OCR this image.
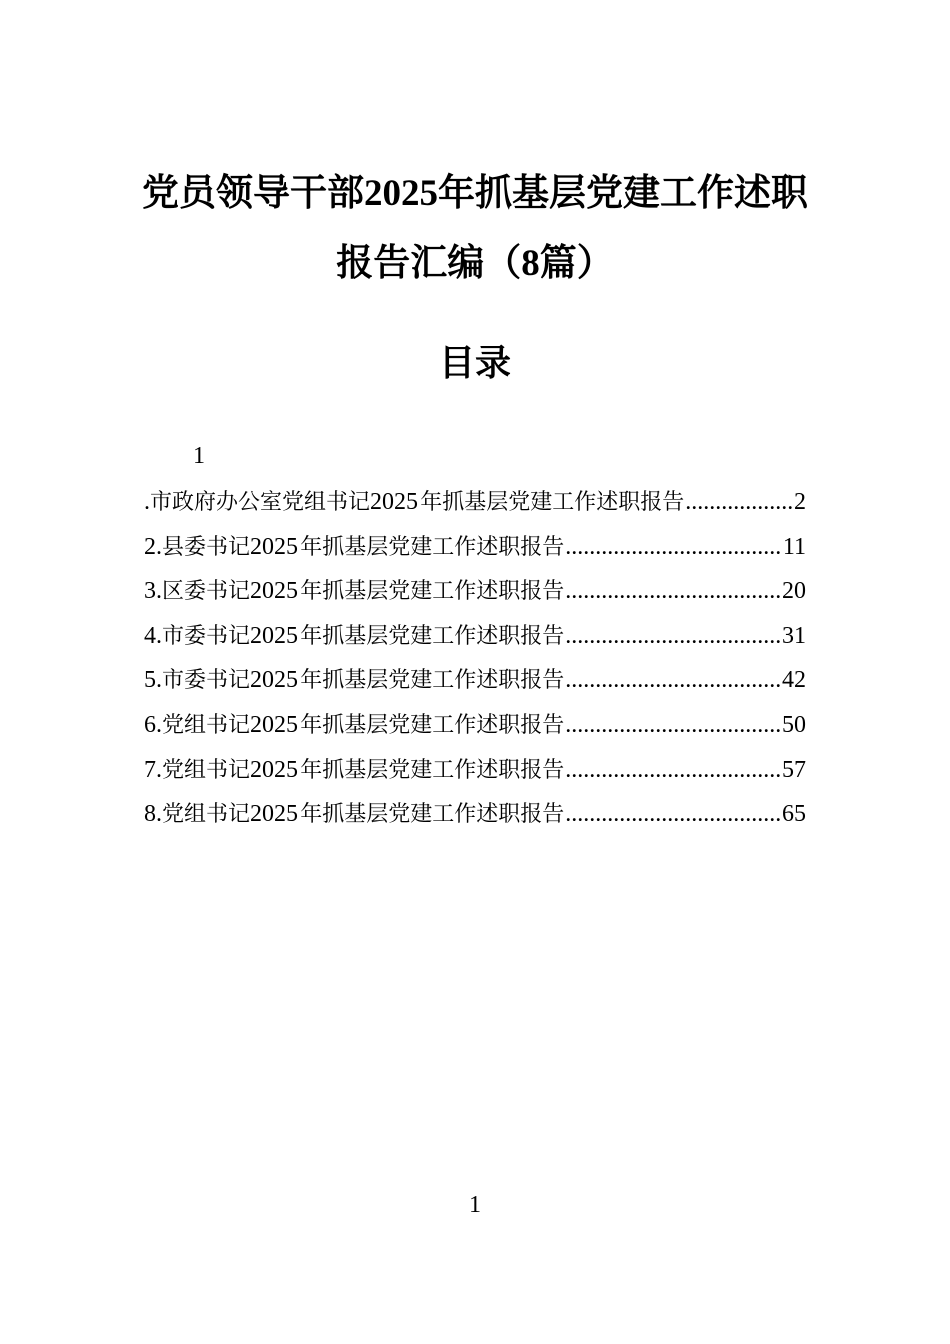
党员领导干部2025年抓基层党建工作述职
报告汇编（8篇）
目录
1
.市政府办公室党组书记2025  年抓基层党建工作述职报告 .....	2
2.县委书记2025  年抓基层党建工作述职报告 .....	11
3.区委书记2025  年抓基层党建工作述职报告 .....	20
4.市委书记2025  年抓基层党建工作述职报告 .....	31
5.市委书记2025  年抓基层党建工作述职报告 .....	42
6.党组书记2025  年抓基层党建工作述职报告 .....	50
7.党组书记2025  年抓基层党建工作述职报告 .....	57
8.党组书记2025  年抓基层党建工作述职报告 .....	65
1
